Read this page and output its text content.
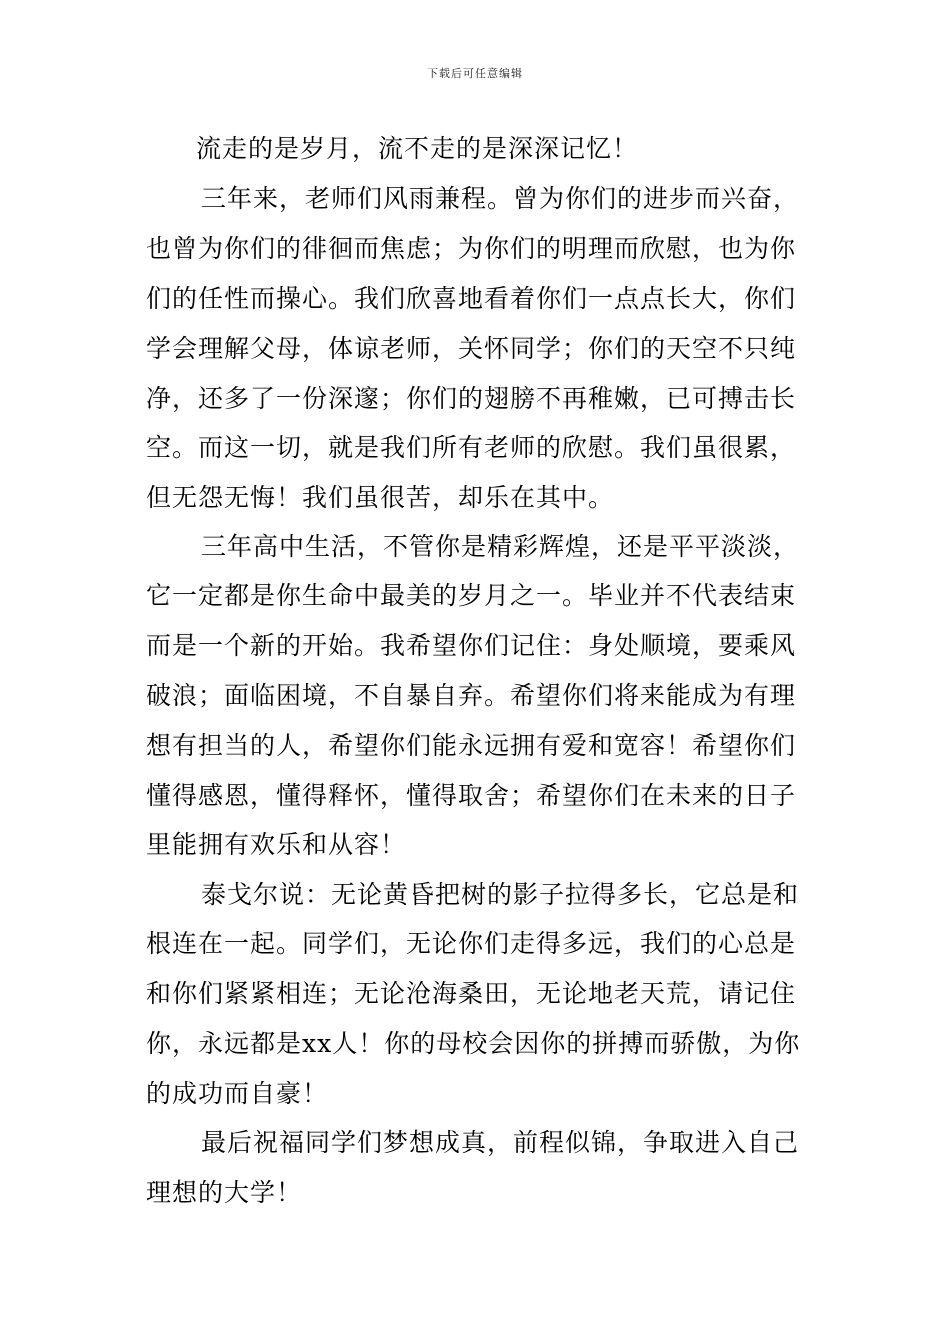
下载后可任意编辑
流走的是岁月，流不走的是深深记忆！
三年来，老师们风雨兼程。曾为你们的进步而兴奋，
也曾为你们的徘徊而焦虑；为你们的明理而欣慰，也为你
们的任性而操心。我们欣喜地看着你们一点点长大，你们
学会理解父母，体谅老师，关怀同学；你们的天空不只纯
净，还多了一份深邃；你们的翅膀不再稚嫩，已可搏击长
空。而这一切，就是我们所有老师的欣慰。我们虽很累，
但无怨无悔！我们虽很苦，却乐在其中。
三年高中生活，不管你是精彩辉煌，还是平平淡淡，
它一定都是你生命中最美的岁月之一。毕业并不代表结束
而是一个新的开始。我希望你们记住：身处顺境，要乘风
破浪；面临困境，不自暴自弃。希望你们将来能成为有理
想有担当的人，希望你们能永远拥有爱和宽容！希望你们
懂得感恩，懂得释怀，懂得取舍；希望你们在未来的日子
里能拥有欢乐和从容！
泰戈尔说：无论黄昏把树的影子拉得多长，它总是和
根连在一起。同学们，无论你们走得多远，我们的心总是
和你们紧紧相连；无论沧海桑田，无论地老天荒，请记住
你，永远都是xx人！你的母校会因你的拼搏而骄傲，为你
的成功而自豪！
最后祝福同学们梦想成真，前程似锦，争取进入自己
理想的大学！
